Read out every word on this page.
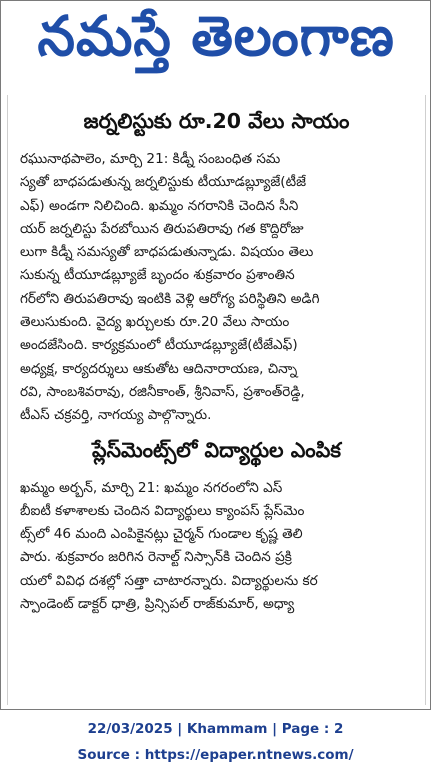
నమస్తే తెలంగాణ
జర్నలిస్టుకు రూ.20 వేలు సాయం
రఘునాథపాలెం, మార్చి 21: కిడ్నీ సంబంధిత సమ
స్యతో బాధపడుతున్న జర్నలిస్టుకు టీయూడబ్ల్యూజే(టీజే
ఎఫ్) అండగా నిలిచింది. ఖమ్మం నగరానికి చెందిన సీని
యర్ జర్నలిస్టు పేరబోయిన తిరుపతిరావు గత కొద్దిరోజు
లుగా కిడ్నీ సమస్యతో బాధపడుతున్నాడు. విషయం తెలు
సుకున్న టీయూడబ్ల్యూజే బృందం శుక్రవారం ప్రశాంతిన
గర్‌లోని తిరుపతిరావు ఇంటికి వెళ్లి ఆరోగ్య పరిస్థితిని అడిగి
తెలుసుకుంది. వైద్య ఖర్చులకు రూ.20 వేలు సాయం
అందజేసింది. కార్యక్రమంలో టీయూడబ్ల్యూజే(టీజేఎఫ్)
అధ్యక్ష, కార్యదర్శులు ఆకుతోట ఆదినారాయణ, చిన్నా
రవి, సాంబశివరావు, రజినీకాంత్, శ్రీనివాస్, ప్రశాంత్‌రెడ్డి,
టీఎస్ చక్రవర్తి, నాగయ్య పాల్గొన్నారు.
ప్లేస్‌మెంట్స్‌లో విద్యార్థుల ఎంపిక
ఖమ్మం అర్బన్, మార్చి 21: ఖమ్మం నగరంలోని ఎస్
బీఐటీ కళాశాలకు చెందిన విద్యార్థులు క్యాంపస్ ప్లేస్‌మెం
ట్స్‌లో 46 మంది ఎంపికైనట్లు చైర్మన్ గుండాల కృష్ణ తెలి
పారు. శుక్రవారం జరిగిన రెనాల్ట్ నిస్సాన్‌కి చెందిన ప్రక్రి
యలో వివిధ దశల్లో సత్తా చాటారన్నారు. విద్యార్థులను కర
స్పాండెంట్ డాక్టర్ ధాత్రి, ప్రిన్సిపల్ రాజ్‌కుమార్, అధ్యా
22/03/2025 | Khammam | Page : 2
Source : https://epaper.ntnews.com/
